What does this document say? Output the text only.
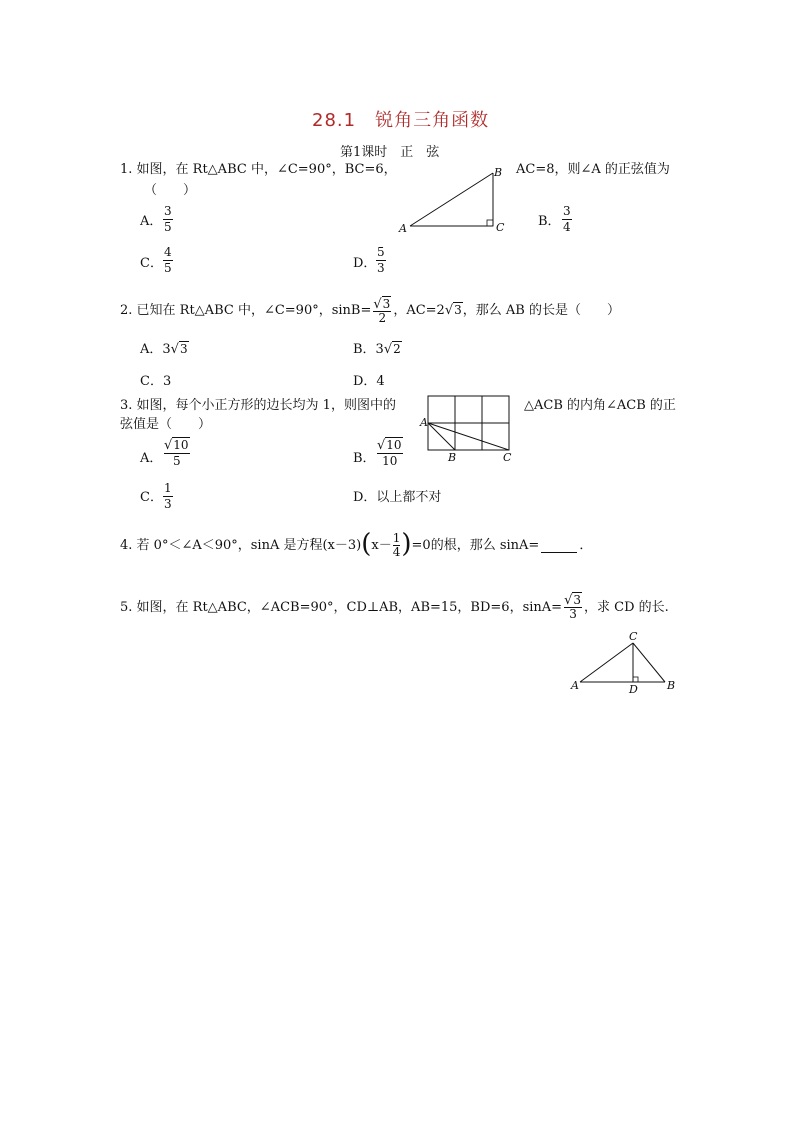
28.1　锐角三角函数
第1课时　正　弦
1. 如图，在 Rt△ABC 中，∠C=90°，BC=6，	AC=8，则∠A 的正弦值为
（　　）
A
B
C
A．
3
5	B．
3
4
C．
4
5	D．
5
3
2. 已知在 Rt△ABC 中，∠C=90°，sinB= √3
2
，AC=2 √3 ，那么 AB 的长是（　　）
A．3√3	B．3√2
C．3	D．4
3. 如图，每个小正方形的边长均为 1，则图中的	△ACB 的内角∠ACB 的正
弦值是（　　）	A
B	C
A．
√10
5	B．
√10
10
C．
1
3	D．以上都不对
4. 若 0°＜∠A＜90°，sinA 是方程 (x－3) ( x－ 1
4 ) =0 的根，那么 sinA=	．
5. 如图，在 Rt△ABC，∠ACB=90°，CD⊥AB，AB=15，BD=6，sinA= √3
3 ，求 CD 的长.
A
C
B
D
